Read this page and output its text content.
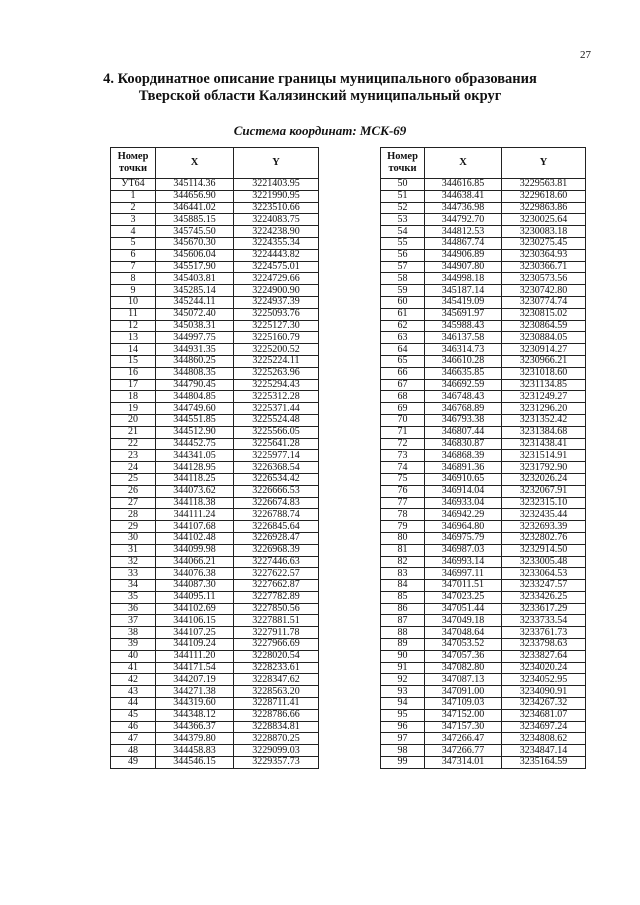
27
4. Координатное описание границы муниципального образования
Тверской области Калязинский муниципальный округ
Система координат: МСК-69
Номер
точки	X	Y
УТ64	345114.36	3221403.95
1	344656.90	3221990.95
2	346441.02	3223510.66
3	345885.15	3224083.75
4	345745.50	3224238.90
5	345670.30	3224355.34
6	345606.04	3224443.82
7	345517.90	3224575.01
8	345403.81	3224729.66
9	345285.14	3224900.90
10	345244.11	3224937.39
11	345072.40	3225093.76
12	345038.31	3225127.30
13	344997.75	3225160.79
14	344931.35	3225200.52
15	344860.25	3225224.11
16	344808.35	3225263.96
17	344790.45	3225294.43
18	344804.85	3225312.28
19	344749.60	3225371.44
20	344551.85	3225524.48
21	344512.90	3225566.05
22	344452.75	3225641.28
23	344341.05	3225977.14
24	344128.95	3226368.54
25	344118.25	3226534.42
26	344073.62	3226666.53
27	344118.38	3226674.83
28	344111.24	3226788.74
29	344107.68	3226845.64
30	344102.48	3226928.47
31	344099.98	3226968.39
32	344066.21	3227446.63
33	344076.38	3227622.57
34	344087.30	3227662.87
35	344095.11	3227782.89
36	344102.69	3227850.56
37	344106.15	3227881.51
38	344107.25	3227911.78
39	344109.24	3227966.69
40	344111.20	3228020.54
41	344171.54	3228233.61
42	344207.19	3228347.62
43	344271.38	3228563.20
44	344319.60	3228711.41
45	344348.12	3228786.66
46	344366.37	3228834.81
47	344379.80	3228870.25
48	344458.83	3229099.03
49	344546.15	3229357.73
Номер
точки	X	Y
50	344616.85	3229563.81
51	344638.41	3229618.60
52	344736.98	3229863.86
53	344792.70	3230025.64
54	344812.53	3230083.18
55	344867.74	3230275.45
56	344906.89	3230364.93
57	344907.80	3230366.71
58	344998.18	3230573.56
59	345187.14	3230742.80
60	345419.09	3230774.74
61	345691.97	3230815.02
62	345988.43	3230864.59
63	346137.58	3230884.05
64	346314.73	3230914.27
65	346610.28	3230966.21
66	346635.85	3231018.60
67	346692.59	3231134.85
68	346748.43	3231249.27
69	346768.89	3231296.20
70	346793.38	3231352.42
71	346807.44	3231384.68
72	346830.87	3231438.41
73	346868.39	3231514.91
74	346891.36	3231792.90
75	346910.65	3232026.24
76	346914.04	3232067.91
77	346933.04	3232315.10
78	346942.29	3232435.44
79	346964.80	3232693.39
80	346975.79	3232802.76
81	346987.03	3232914.50
82	346993.14	3233005.48
83	346997.11	3233064.53
84	347011.51	3233247.57
85	347023.25	3233426.25
86	347051.44	3233617.29
87	347049.18	3233733.54
88	347048.64	3233761.73
89	347053.52	3233798.63
90	347057.36	3233827.64
91	347082.80	3234020.24
92	347087.13	3234052.95
93	347091.00	3234090.91
94	347109.03	3234267.32
95	347152.00	3234681.07
96	347157.30	3234697.24
97	347266.47	3234808.62
98	347266.77	3234847.14
99	347314.01	3235164.59
